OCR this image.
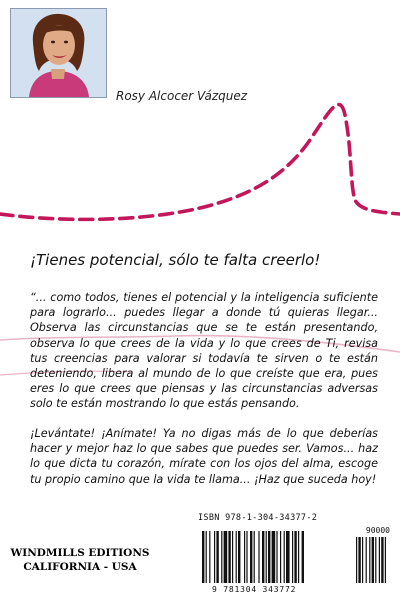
Rosy Alcocer Vázquez
¡Tienes potencial, sólo te falta creerlo!

“... como todos, tienes el potencial y la inteligencia suficiente para lograrlo... puedes llegar a donde tú quieras llegar... Observa las circunstancias que se te están presentando, observa lo que crees de la vida y lo que crees de Ti, revisa tus creencias para valorar si todavía te sirven o te están deteniendo, libera al mundo de lo que creíste que era, pues eres lo que crees que piensas y las circunstancias adversas solo te están mostrando lo que estás pensando.

¡Levántate! ¡Anímate! Ya no digas más de lo que deberías hacer y mejor haz lo que sabes que puedes ser. Vamos... haz lo que dicta tu corazón, mírate con los ojos del alma, escoge tu propio camino que la vida te llama... ¡Haz que suceda hoy!

WINDMILLS EDITIONS
CALIFORNIA - USA
ISBN 978-1-304-34377-2
90000
9 781304 343772
